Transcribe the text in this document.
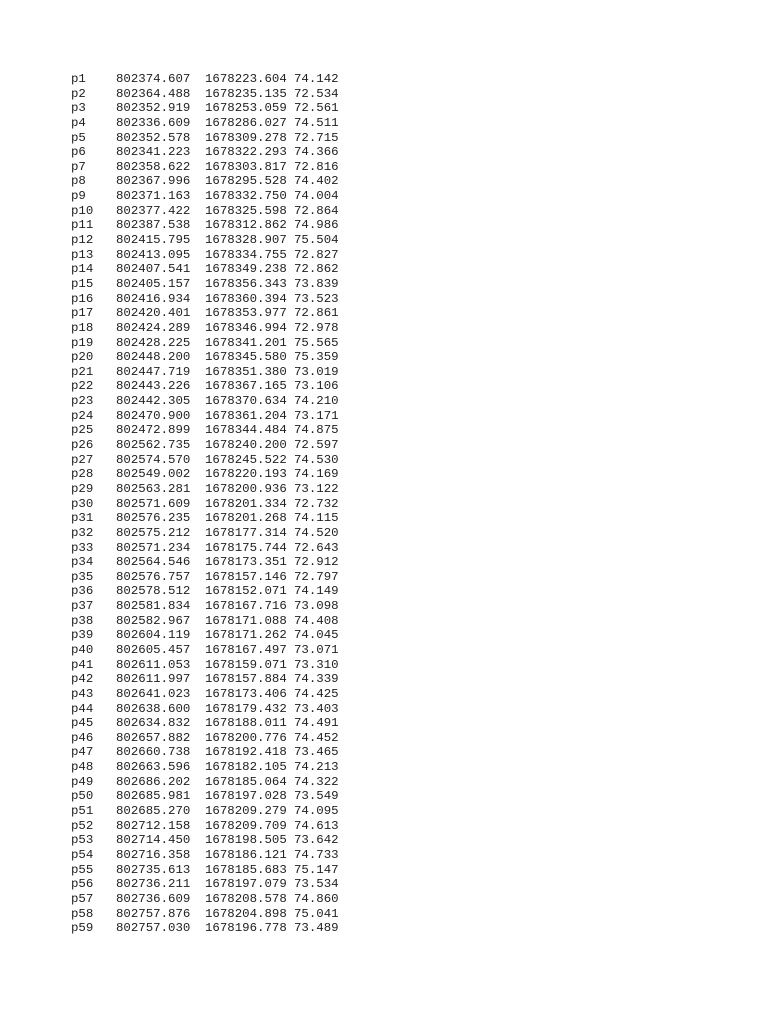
p1 802374.607 1678223.604 74.142
p2 802364.488 1678235.135 72.534
p3 802352.919 1678253.059 72.561
p4 802336.609 1678286.027 74.511
p5 802352.578 1678309.278 72.715
p6 802341.223 1678322.293 74.366
p7 802358.622 1678303.817 72.816
p8 802367.996 1678295.528 74.402
p9 802371.163 1678332.750 74.004
p10 802377.422 1678325.598 72.864
p11 802387.538 1678312.862 74.986
p12 802415.795 1678328.907 75.504
p13 802413.095 1678334.755 72.827
p14 802407.541 1678349.238 72.862
p15 802405.157 1678356.343 73.839
p16 802416.934 1678360.394 73.523
p17 802420.401 1678353.977 72.861
p18 802424.289 1678346.994 72.978
p19 802428.225 1678341.201 75.565
p20 802448.200 1678345.580 75.359
p21 802447.719 1678351.380 73.019
p22 802443.226 1678367.165 73.106
p23 802442.305 1678370.634 74.210
p24 802470.900 1678361.204 73.171
p25 802472.899 1678344.484 74.875
p26 802562.735 1678240.200 72.597
p27 802574.570 1678245.522 74.530
p28 802549.002 1678220.193 74.169
p29 802563.281 1678200.936 73.122
p30 802571.609 1678201.334 72.732
p31 802576.235 1678201.268 74.115
p32 802575.212 1678177.314 74.520
p33 802571.234 1678175.744 72.643
p34 802564.546 1678173.351 72.912
p35 802576.757 1678157.146 72.797
p36 802578.512 1678152.071 74.149
p37 802581.834 1678167.716 73.098
p38 802582.967 1678171.088 74.408
p39 802604.119 1678171.262 74.045
p40 802605.457 1678167.497 73.071
p41 802611.053 1678159.071 73.310
p42 802611.997 1678157.884 74.339
p43 802641.023 1678173.406 74.425
p44 802638.600 1678179.432 73.403
p45 802634.832 1678188.011 74.491
p46 802657.882 1678200.776 74.452
p47 802660.738 1678192.418 73.465
p48 802663.596 1678182.105 74.213
p49 802686.202 1678185.064 74.322
p50 802685.981 1678197.028 73.549
p51 802685.270 1678209.279 74.095
p52 802712.158 1678209.709 74.613
p53 802714.450 1678198.505 73.642
p54 802716.358 1678186.121 74.733
p55 802735.613 1678185.683 75.147
p56 802736.211 1678197.079 73.534
p57 802736.609 1678208.578 74.860
p58 802757.876 1678204.898 75.041
p59 802757.030 1678196.778 73.489
